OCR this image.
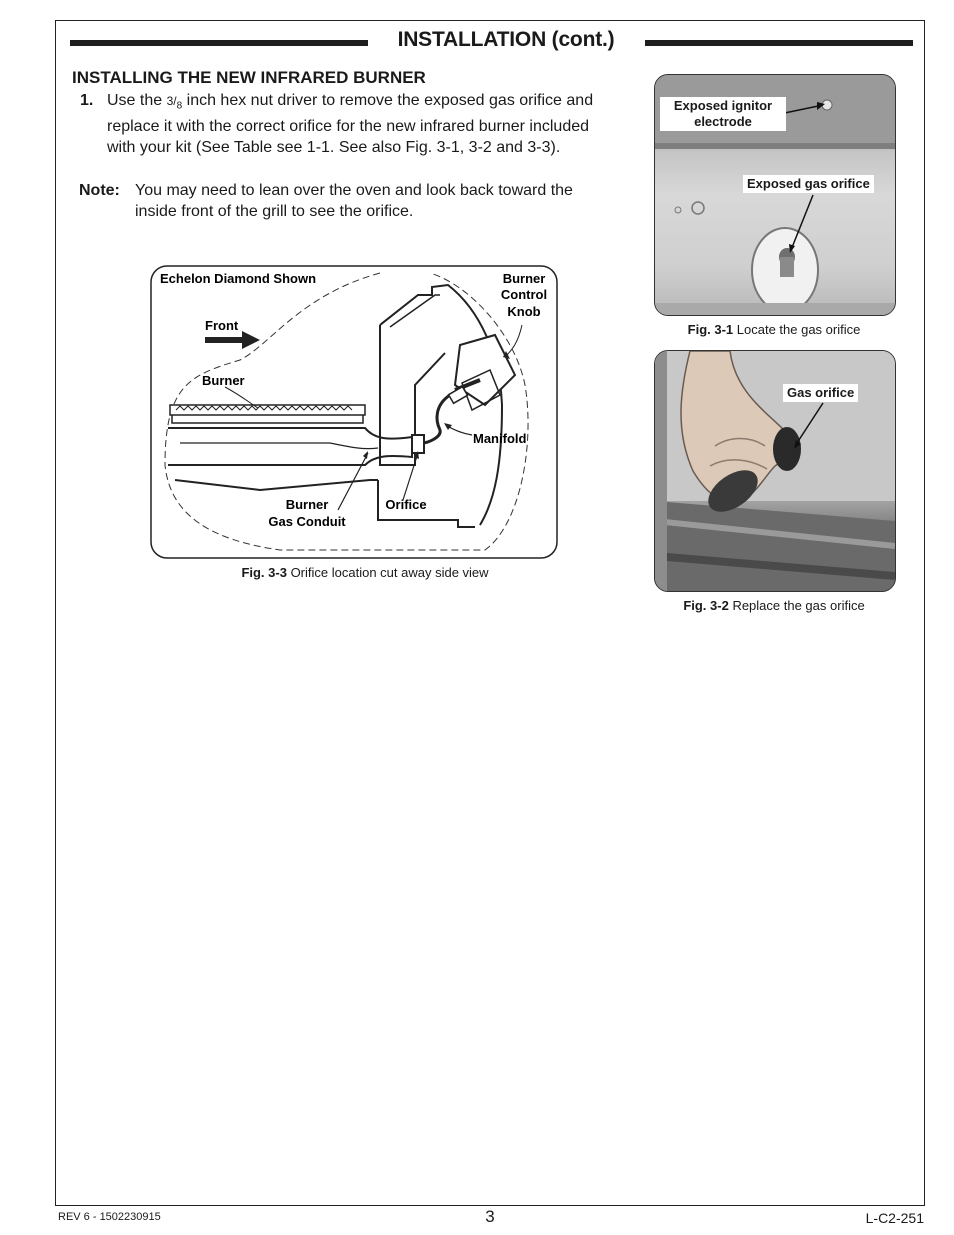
INSTALLATION (cont.)
INSTALLING THE NEW INFRARED BURNER
1. Use the $3/_8$ inch hex nut driver to remove the exposed gas orifice and replace it with the correct orifice for the new infrared burner included with your kit (See Table see 1-1. See also Fig. 3-1, 3-2 and 3-3).
Note: You may need to lean over the oven and look back toward the inside front of the grill to see the orifice.
Echelon Diamond Shown
Front
Burner
Burner
Control
Knob
Manifold
Burner
Gas Conduit
Orifice
Fig. 3-3 Orifice location cut away side view
Exposed ignitor
electrode
Exposed gas orifice
Fig. 3-1 Locate the gas orifice
Gas orifice
Fig. 3-2 Replace the gas orifice
REV 6 - 1502230915	3	L-C2-251
